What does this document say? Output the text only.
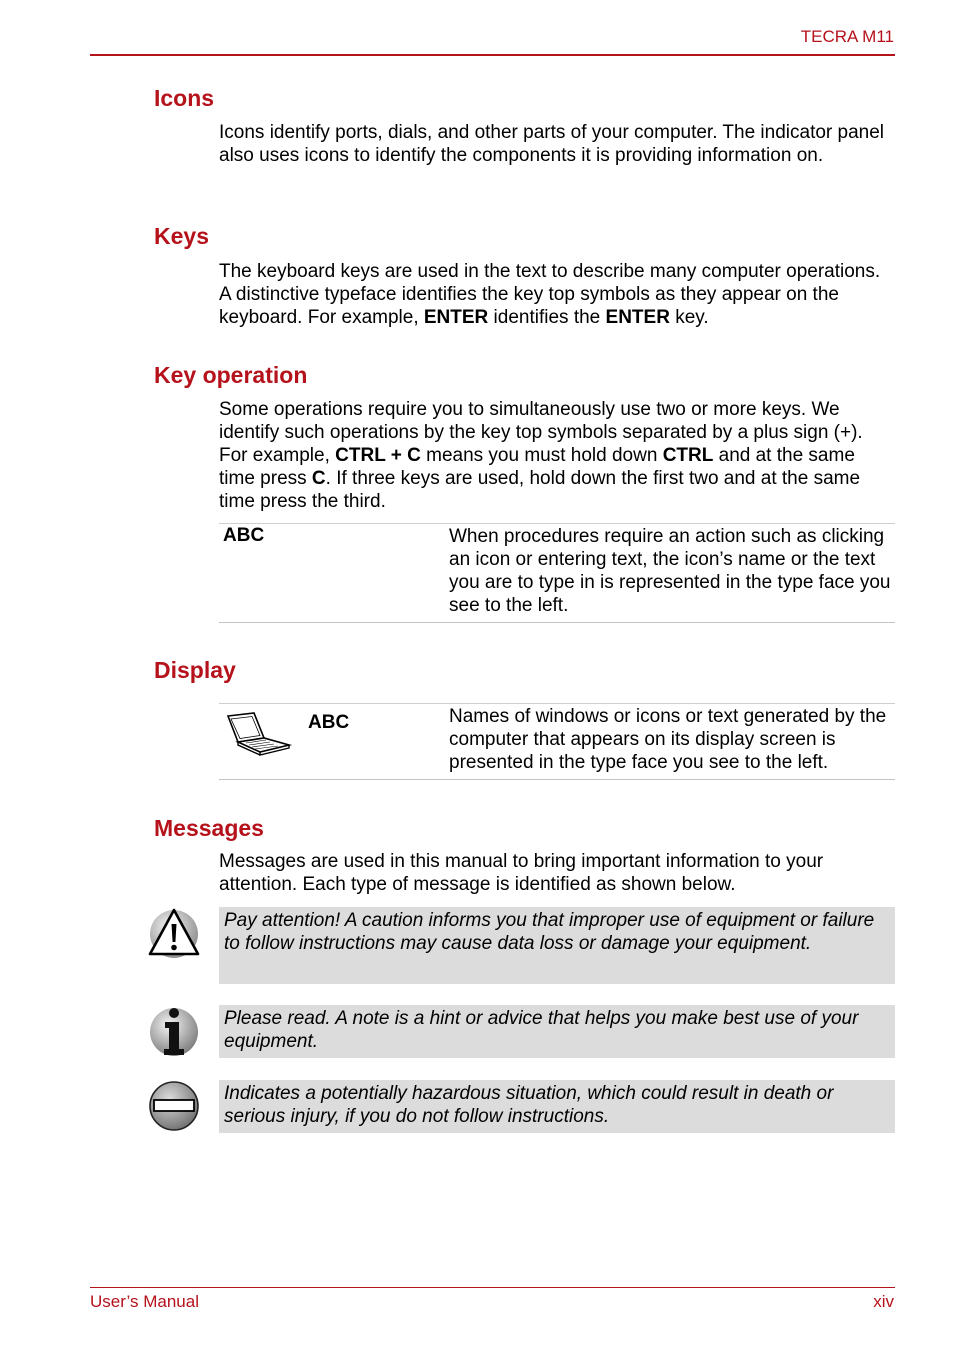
TECRA M11
Icons

Icons identify ports, dials, and other parts of your computer. The indicator panel also uses icons to identify the components it is providing information on.

Keys

The keyboard keys are used in the text to describe many computer operations. A distinctive typeface identifies the key top symbols as they appear on the keyboard. For example, ENTER identifies the ENTER key.

Key operation

Some operations require you to simultaneously use two or more keys. We identify such operations by the key top symbols separated by a plus sign (+). For example, CTRL + C means you must hold down CTRL and at the same time press C. If three keys are used, hold down the first two and at the same time press the third.

ABC	When procedures require an action such as clicking an icon or entering text, the icon’s name or the text you are to type in is represented in the type face you see to the left.

Display
ABC	Names of windows or icons or text generated by the computer that appears on its display screen is presented in the type face you see to the left.

Messages

Messages are used in this manual to bring important information to your attention. Each type of message is identified as shown below.

Pay attention! A caution informs you that improper use of equipment or failure to follow instructions may cause data loss or damage your equipment.

Please read. A note is a hint or advice that helps you make best use of your equipment.

Indicates a potentially hazardous situation, which could result in death or serious injury, if you do not follow instructions.

User’s Manual	xiv
